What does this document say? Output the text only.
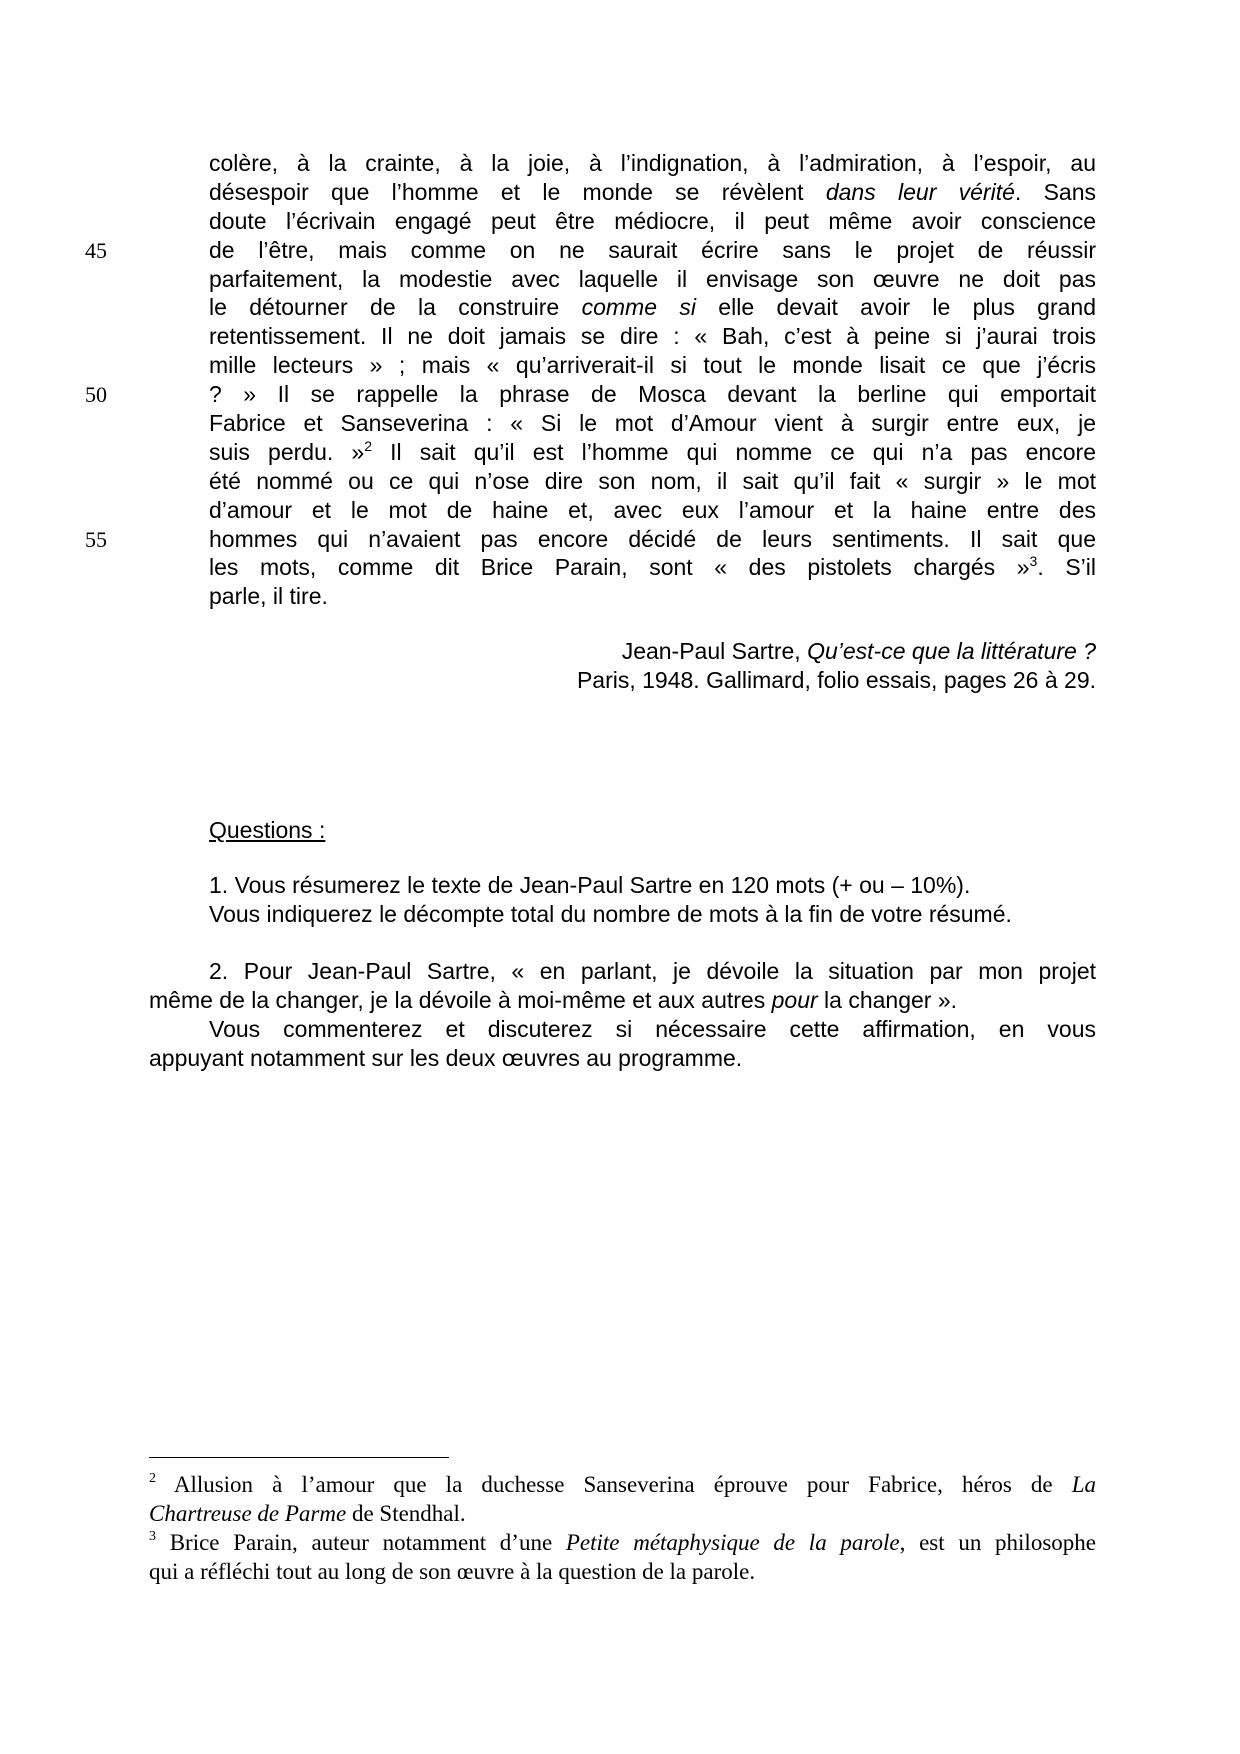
colère, à la crainte, à la joie, à l’indignation, à l’admiration, à l’espoir, au
désespoir que l’homme et le monde se révèlent dans leur vérité. Sans
doute l’écrivain engagé peut être médiocre, il peut même avoir conscience
de l’être, mais comme on ne saurait écrire sans le projet de réussir
parfaitement, la modestie avec laquelle il envisage son œuvre ne doit pas
le détourner de la construire comme si elle devait avoir le plus grand
retentissement. Il ne doit jamais se dire : « Bah, c’est à peine si j’aurai trois
mille lecteurs » ; mais « qu’arriverait-il si tout le monde lisait ce que j’écris
? » Il se rappelle la phrase de Mosca devant la berline qui emportait
Fabrice et Sanseverina : « Si le mot d’Amour vient à surgir entre eux, je
suis perdu. »$^2$ Il sait qu’il est l’homme qui nomme ce qui n’a pas encore
été nommé ou ce qui n’ose dire son nom, il sait qu’il fait « surgir » le mot
d’amour et le mot de haine et, avec eux l’amour et la haine entre des
hommes qui n’avaient pas encore décidé de leurs sentiments. Il sait que
les mots, comme dit Brice Parain, sont « des pistolets chargés »$^3$. S’il
parle, il tire.
45
50
55
Jean-Paul Sartre, Qu’est-ce que la littérature ?
Paris, 1948. Gallimard, folio essais, pages 26 à 29.
Questions :
1. Vous résumerez le texte de Jean-Paul Sartre en 120 mots (+ ou – 10%).
Vous indiquerez le décompte total du nombre de mots à la fin de votre résumé.
2. Pour Jean-Paul Sartre, « en parlant, je dévoile la situation par mon projet
même de la changer, je la dévoile à moi-même et aux autres pour la changer ».
Vous commenterez et discuterez si nécessaire cette affirmation, en vous
appuyant notamment sur les deux œuvres au programme.
$^2$ Allusion à l’amour que la duchesse Sanseverina éprouve pour Fabrice, héros de La
Chartreuse de Parme de Stendhal.
$^3$ Brice Parain, auteur notamment d’une Petite métaphysique de la parole, est un philosophe
qui a réfléchi tout au long de son œuvre à la question de la parole.
